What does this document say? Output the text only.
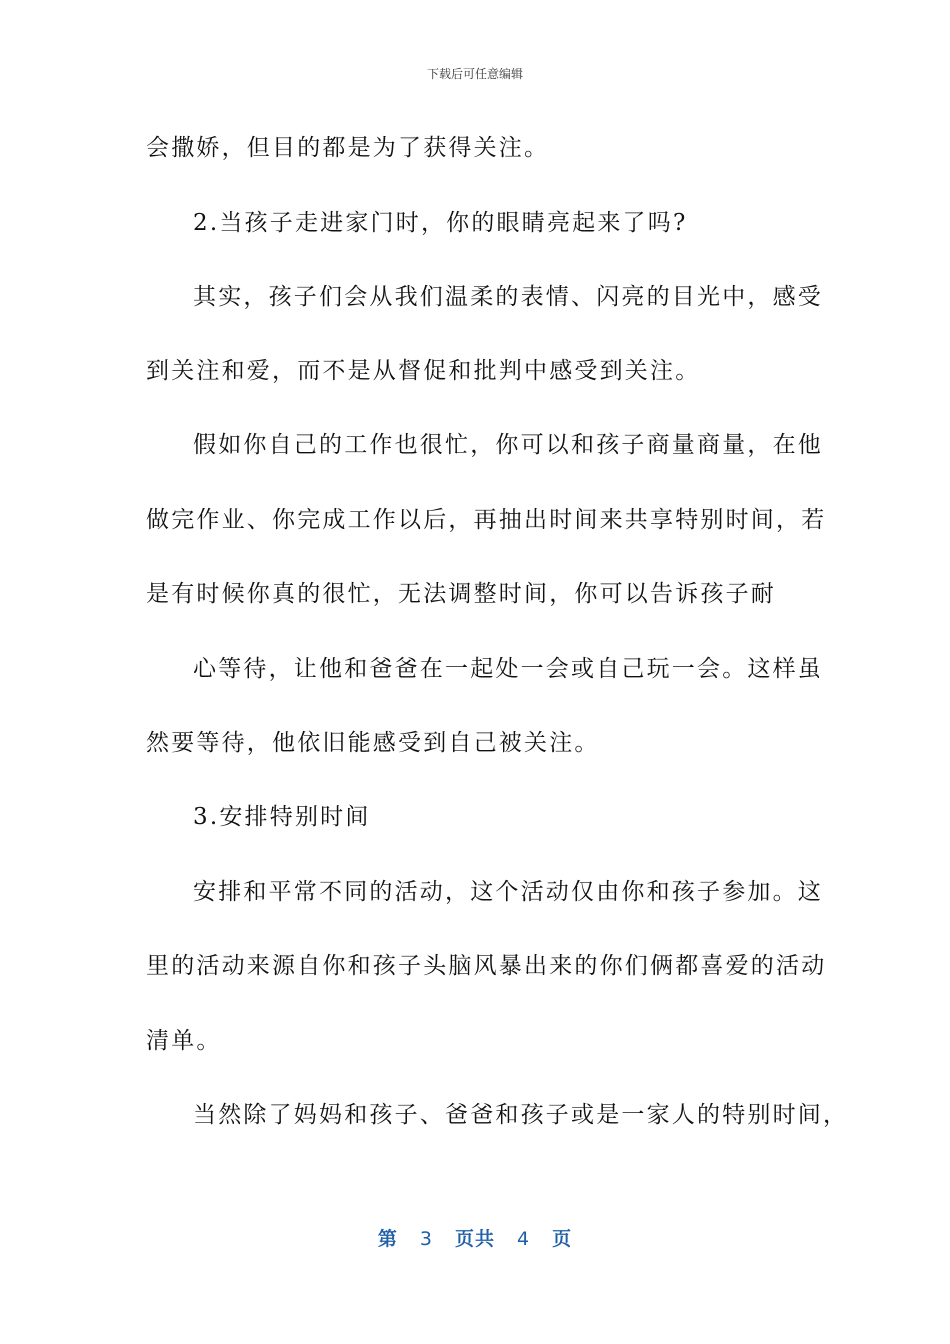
下载后可任意编辑
会撒娇，但目的都是为了获得关注。
2.当孩子走进家门时，你的眼睛亮起来了吗?
其实，孩子们会从我们温柔的表情、闪亮的目光中，感受
到关注和爱，而不是从督促和批判中感受到关注。
假如你自己的工作也很忙，你可以和孩子商量商量，在他
做完作业、你完成工作以后，再抽出时间来共享特别时间，若
是有时候你真的很忙，无法调整时间，你可以告诉孩子耐
心等待，让他和爸爸在一起处一会或自己玩一会。这样虽
然要等待，他依旧能感受到自己被关注。
3.安排特别时间
安排和平常不同的活动，这个活动仅由你和孩子参加。这
里的活动来源自你和孩子头脑风暴出来的你们俩都喜爱的活动
清单。
当然除了妈妈和孩子、爸爸和孩子或是一家人的特别时间，
第 3 页共 4 页
